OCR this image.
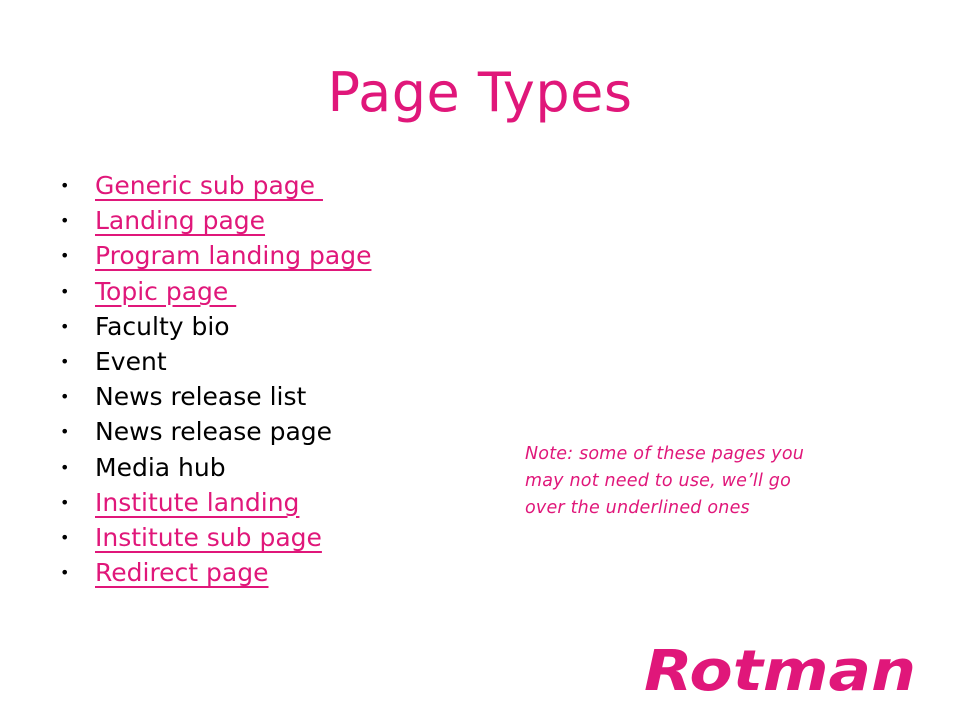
Page Types
• Generic sub page
• Landing page
• Program landing page
• Topic page
• Faculty bio
• Event
• News release list
• News release page
• Media hub
• Institute landing
• Institute sub page
• Redirect page
Note: some of these pages you
may not need to use, we’ll go
over the underlined ones
Rotman
